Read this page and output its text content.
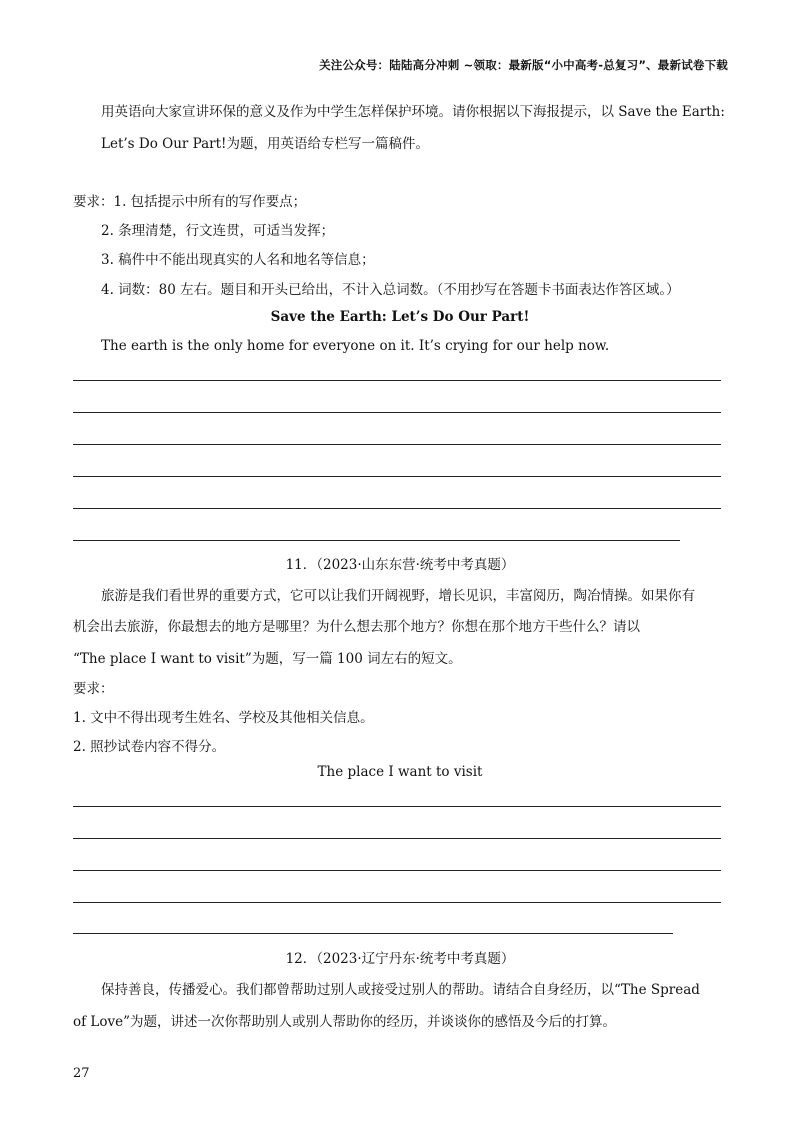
关注公众号：陆陆高分冲刺 ~领取：最新版“小中高考-总复习”、最新试卷下载
用英语向大家宣讲环保的意义及作为中学生怎样保护环境。请你根据以下海报提示，以 Save the Earth:
Let’s Do Our Part!为题，用英语给专栏写一篇稿件。
要求：1. 包括提示中所有的写作要点；
2. 条理清楚，行文连贯，可适当发挥；
3. 稿件中不能出现真实的人名和地名等信息；
4. 词数：80 左右。题目和开头已给出，不计入总词数。（不用抄写在答题卡书面表达作答区域。）
Save the Earth: Let’s Do Our Part!
The earth is the only home for everyone on it. It’s crying for our help now.
11．（2023·山东东营·统考中考真题）
旅游是我们看世界的重要方式，它可以让我们开阔视野，增长见识，丰富阅历，陶冶情操。如果你有
机会出去旅游，你最想去的地方是哪里？为什么想去那个地方？你想在那个地方干些什么？请以
“The place I want to visit”为题，写一篇 100 词左右的短文。
要求：
1. 文中不得出现考生姓名、学校及其他相关信息。
2. 照抄试卷内容不得分。
The place I want to visit
12．（2023·辽宁丹东·统考中考真题）
保持善良，传播爱心。我们都曾帮助过别人或接受过别人的帮助。请结合自身经历，以“The Spread
of Love”为题，讲述一次你帮助别人或别人帮助你的经历，并谈谈你的感悟及今后的打算。
27
